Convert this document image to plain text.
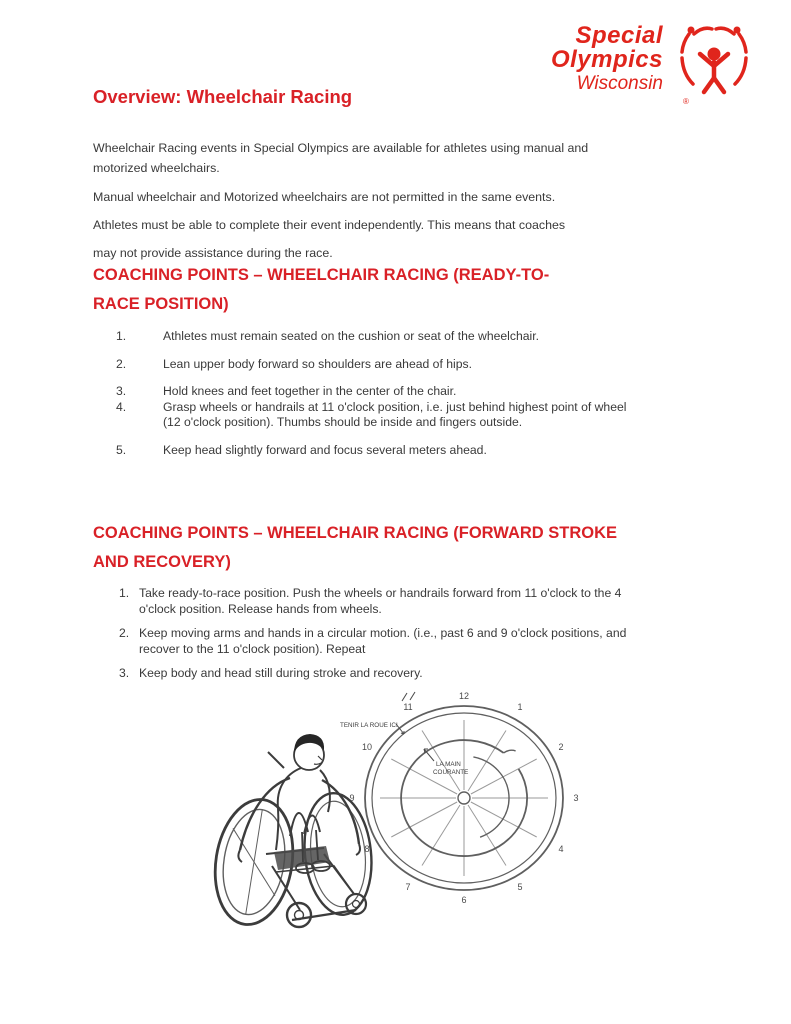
Special
Olympics
Wisconsin
®
Overview: Wheelchair Racing

Wheelchair Racing events in Special Olympics are available for athletes using manual and
motorized wheelchairs.

Manual wheelchair and Motorized wheelchairs are not permitted in the same events.
Athletes must be able to complete their event independently. This means that coaches
may not provide assistance during the race.

COACHING POINTS – WHEELCHAIR RACING (READY-TO-
RACE POSITION)
1.	Athletes must remain seated on the cushion or seat of the wheelchair.
2.	Lean upper body forward so shoulders are ahead of hips.
3.	Hold knees and feet together in the center of the chair.
4.	Grasp wheels or handrails at 11 o'clock position, i.e. just behind highest point of wheel (12 o'clock position). Thumbs should be inside and fingers outside.
5.	Keep head slightly forward and focus several meters ahead.
COACHING POINTS – WHEELCHAIR RACING (FORWARD STROKE
AND RECOVERY)
1. Take ready-to-race position. Push the wheels or handrails forward from 11 o'clock to the 4 o'clock position. Release hands from wheels.
2. Keep moving arms and hands in a circular motion. (i.e., past 6 and 9 o'clock positions, and recover to the 11 o'clock position). Repeat
3. Keep body and head still during stroke and recovery.
12
1
2
3
4
5
6
7
8
9
10
11
TENIR LA ROUE ICI
LA MAIN
COURANTE
